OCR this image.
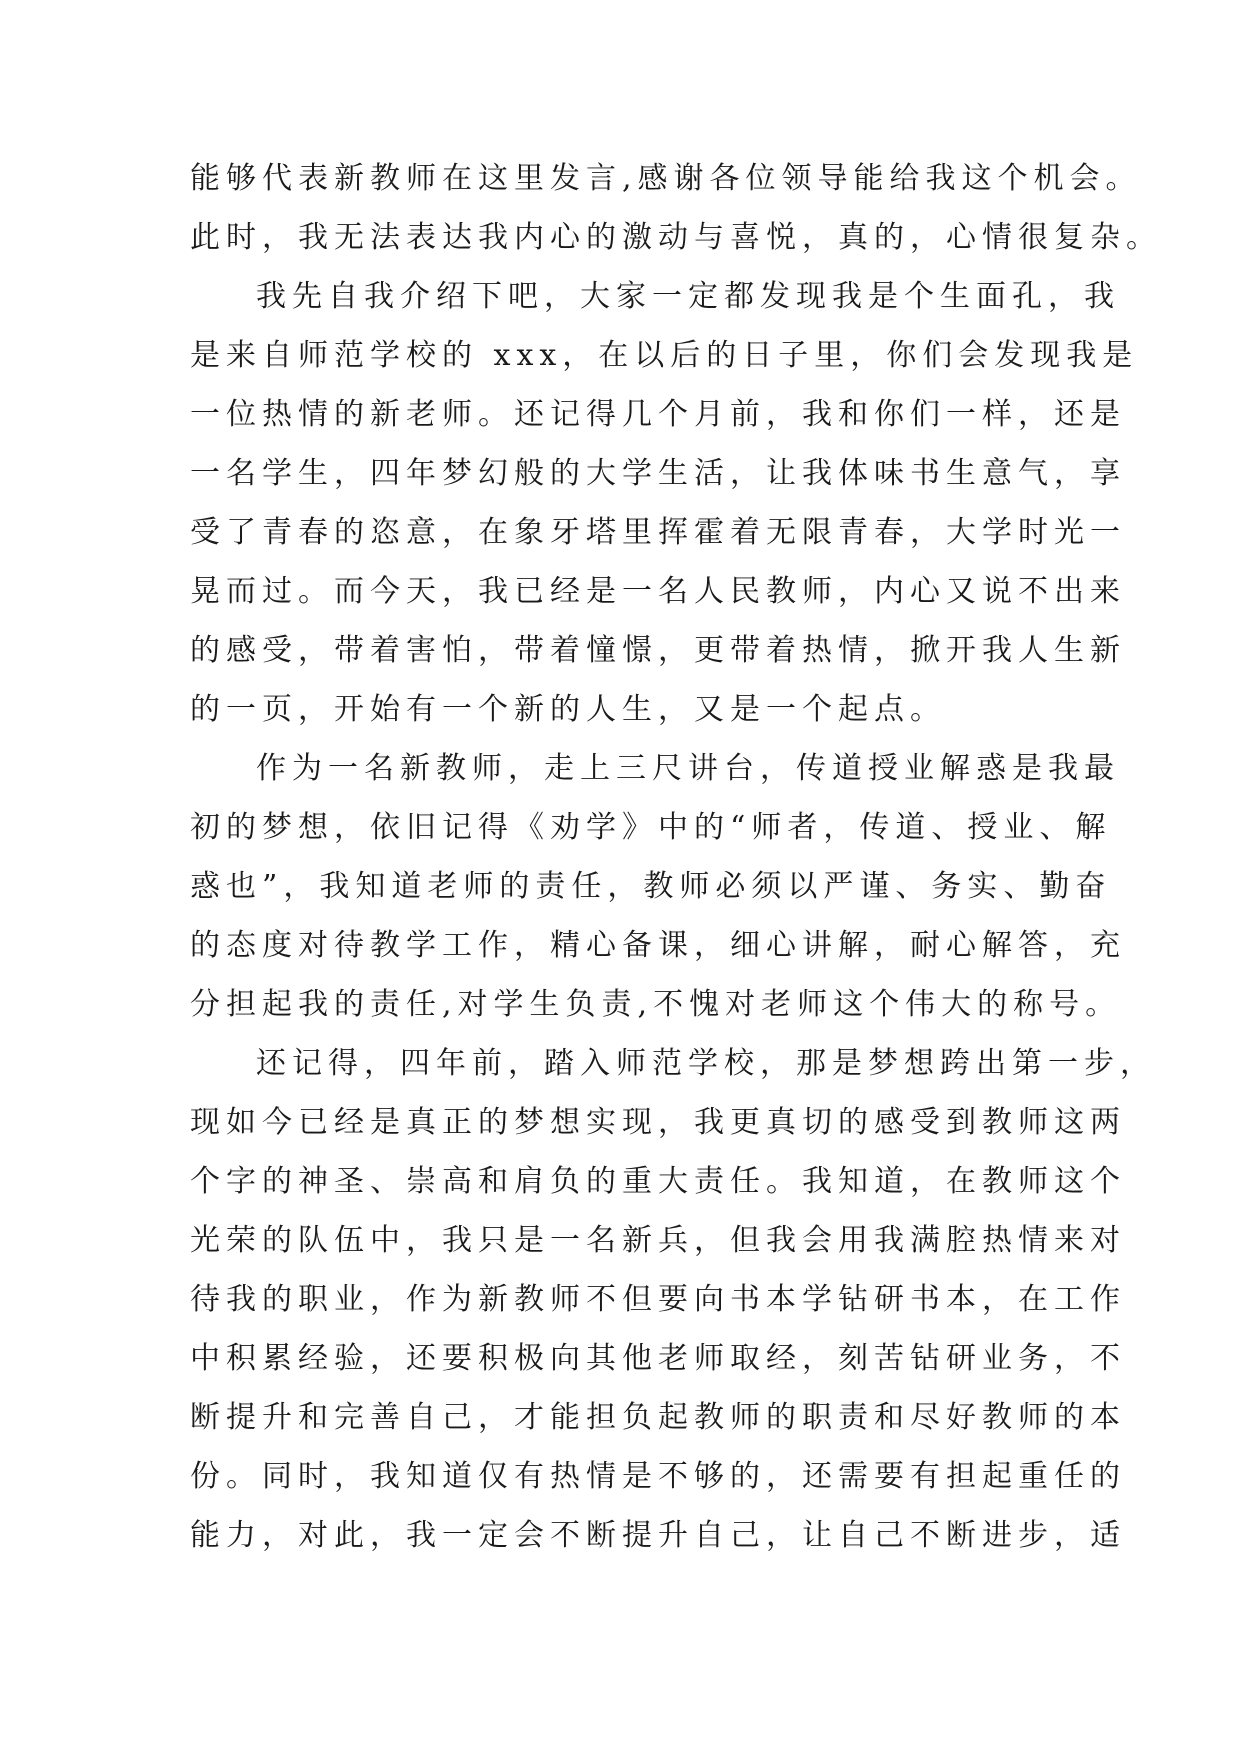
能够代表新教师在这里发言,感谢各位领导能给我这个机会。
此时，我无法表达我内心的激动与喜悦，真的，心情很复杂。
我先自我介绍下吧，大家一定都发现我是个生面孔，我
是来自师范学校的 xxx，在以后的日子里，你们会发现我是
一位热情的新老师。还记得几个月前，我和你们一样，还是
一名学生，四年梦幻般的大学生活，让我体味书生意气，享
受了青春的恣意，在象牙塔里挥霍着无限青春，大学时光一
晃而过。而今天，我已经是一名人民教师，内心又说不出来
的感受，带着害怕，带着憧憬，更带着热情，掀开我人生新
的一页，开始有一个新的人生，又是一个起点。
作为一名新教师，走上三尺讲台，传道授业解惑是我最
初的梦想，依旧记得《劝学》中的“师者，传道、授业、解
惑也”，我知道老师的责任，教师必须以严谨、务实、勤奋
的态度对待教学工作，精心备课，细心讲解，耐心解答，充
分担起我的责任,对学生负责,不愧对老师这个伟大的称号。
还记得，四年前，踏入师范学校，那是梦想跨出第一步，
现如今已经是真正的梦想实现，我更真切的感受到教师这两
个字的神圣、崇高和肩负的重大责任。我知道，在教师这个
光荣的队伍中，我只是一名新兵，但我会用我满腔热情来对
待我的职业，作为新教师不但要向书本学钻研书本，在工作
中积累经验，还要积极向其他老师取经，刻苦钻研业务，不
断提升和完善自己，才能担负起教师的职责和尽好教师的本
份。同时，我知道仅有热情是不够的，还需要有担起重任的
能力，对此，我一定会不断提升自己，让自己不断进步，适
